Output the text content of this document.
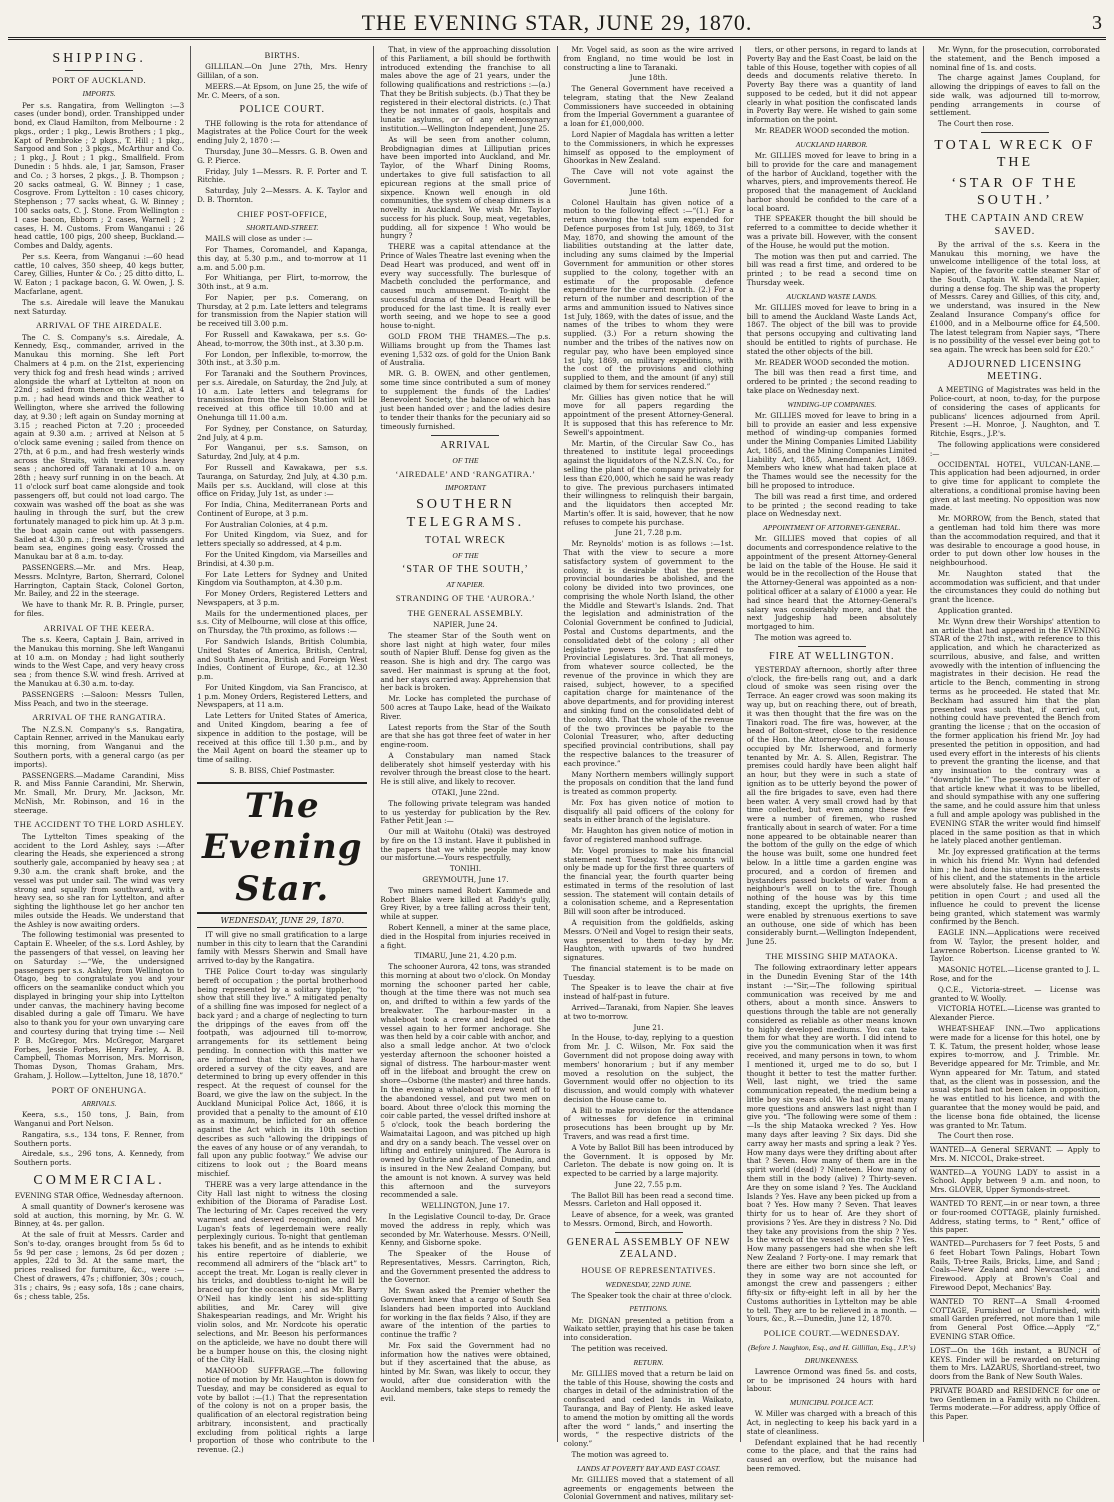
THE EVENING STAR, JUNE 29, 1870.	3
SHIPPING.
PORT OF AUCKLAND.
IMPORTS.

Per s.s. Rangatira, from Wellington :—3 cases (under bond), order. Transhipped under bond, ex Claud Hamilton, from Melbourne : 2 pkgs., order ; 1 pkg., Lewis Brothers ; 1 pkg., Kapt of Pembroke ; 2 pkgs., T. Hill ; 1 pkg., Sargood and Son ; 3 pkgs., McArthur and Co. ; 1 pkg., J. Rout ; 1 pkg., Smallfield. From Dunedin : 5 hhds. ale, 1 jar, Samson, Fraser and Co. ; 3 horses, 2 pkgs., J. B. Thompson ; 20 sacks oatmeal, G. W. Binney ; 1 case, Cosgrove. From Lyttelton : 10 cases chicory, Stephenson ; 77 sacks wheat, G. W. Binney ; 100 sacks oats, C. J. Stone. From Wellington : 1 case bacon, Ebborn ; 2 cases, Warnell ; 2 cases, H. M. Customs. From Wanganui : 26 head cattle, 100 pigs, 200 sheep, Buckland.—Combes and Daldy, agents.

Per s.s. Keera, from Wanganui :—60 head cattle, 10 calves, 350 sheep, 40 kegs butter, Carey, Gillies, Hunter & Co. ; 25 ditto ditto, L. W. Eaton ; 1 package bacon, G. W. Owen, J. S. Macfarlane, agent.

The s.s. Airedale will leave the Manukau next Saturday.

ARRIVAL OF THE AIREDALE.

The C. S. Company's s.s. Airedale, A. Kennedy, Esq., commander, arrived in the Manukau this morning. She left Port Chalmers at 4 p.m. on the 21st, experiencing very thick fog and fresh head winds ; arrived alongside the wharf at Lyttelton at noon on 22nd ; sailed from thence on the 23rd, at 4 p.m. ; had head winds and thick weather to Wellington, where she arrived the following day, at 9.30 ; left again on Sunday morning at 3.15 ; reached Picton at 7.20 ; proceeded again at 9.30 a.m. ; arrived at Nelson at 5 o'clock same evening ; sailed from thence on 27th, at 6 p.m., and had fresh westerly winds across the Straits, with tremendous heavy seas ; anchored off Taranaki at 10 a.m. on 28th ; heavy surf running in on the beach. At 11 o'clock surf boat came alongside and took passengers off, but could not load cargo. The coxwain was washed off the boat as she was hauling in through the surf, but the crew fortunately managed to pick him up. At 3 p.m. the boat again came out with passengers. Sailed at 4.30 p.m. ; fresh westerly winds and beam sea, engines going easy. Crossed the Manukau bar at 8 a.m. to-day.

PASSENGERS.—Mr. and Mrs. Heap, Messrs. McIntyre, Barton, Sherrard, Colonel Harrington, Captain Stack, Colonel Gorton, Mr. Bailey, and 22 in the steerage.

We have to thank Mr. R. B. Pringle, purser, for files.

ARRIVAL OF THE KEERA.

The s.s. Keera, Captain J. Bain, arrived in the Manukau this morning. She left Wanganui at 10 a.m. on Monday ; had light southerly winds to the West Cape, and very heavy cross sea ; from thence S.W. wind fresh. Arrived at the Manukau at 6.30 a.m. to-day.

PASSENGERS :—Saloon: Messrs Tullen, Miss Peach, and two in the steerage.

ARRIVAL OF THE RANGATIRA.

The N.Z.S.N. Company's s.s. Rangatira, Captain Renner, arrived in the Manukau early this morning, from Wanganui and the Southern ports, with a general cargo (as per imports).

PASSENGERS.—Madame Carandini, Miss R. and Miss Fannie Carandini, Mr. Sherwin, Mr. Small, Mr. Drury, Mr. Jackson, Mr. McNish, Mr. Robinson, and 16 in the steerage.

THE ACCIDENT TO THE LORD ASHLEY.

The Lyttelton Times speaking of the accident to the Lord Ashley, says :—After clearing the Heads, she experienced a strong southerly gale, accompanied by heavy sea ; at 9.30 a.m. the crank shaft broke, and the vessel was put under sail. The wind was very strong and squally from southward, with a heavy sea, so she ran for Lyttelton, and after sighting the lighthouse let go her anchor ten miles outside the Heads. We understand that the Ashley is now awaiting orders.

The following testimonial was presented to Captain E. Wheeler, of the s.s. Lord Ashley, by the passengers of that vessel, on leaving her on Saturday :—“We, the undersigned passengers per s.s. Ashley, from Wellington to Otago, beg to congratulate you and your officers on the seamanlike conduct which you displayed in bringing your ship into Lyttelton under canvas, the machinery having become disabled during a gale off Timaru. We have also to thank you for your own unvarying care and courtesy during that trying time :— Neil P. B. McGregor, Mrs. McGregor, Margaret Forbes, Jessie Forbes, Henry Farley, A. B. Campbell, Thomas Morrison, Mrs. Morrison, Thomas Dyson, Thomas Graham, Mrs. Graham, J. Hollow.—Lyttelton, June 18, 1870.”

PORT OF ONEHUNGA.
ARRIVALS.

Keera, s.s., 150 tons, J. Bain, from Wanganui and Port Nelson.

Rangatira, s.s., 134 tons, F. Renner, from Southern ports.

Airedale, s.s., 296 tons, A. Kennedy, from Southern ports.

COMMERCIAL.

EVENING STAR Office, Wednesday afternoon.

A small quantity of Downer's kerosene was sold at auction, this morning, by Mr. G. W. Binney, at 4s. per gallon.

At the sale of fruit at Messrs. Carder and Son's to-day, oranges brought from 5s 6d to 5s 9d per case ; lemons, 2s 6d per dozen ; apples, 22d to 3d. At the same mart, the prices realised for furniture, &c., were :—Chest of drawers, 47s ; chiffonier, 30s ; couch, 31s ; chairs, 9s ; easy sofa, 18s ; cane chairs, 6s ; chess table, 25s.

BIRTHS.

GILLILAN.—On June 27th, Mrs. Henry Gillilan, of a son.

MEERS.—At Epsom, on June 25, the wife of Mr. C. Meers, of a son.

POLICE COURT.

THE following is the rota for attendance of Magistrates at the Police Court for the week ending July 2, 1870 :—

Thursday, June 30—Messrs. G. B. Owen and G. P. Pierce.

Friday, July 1—Messrs. R. F. Porter and T. Ritchie.

Saturday, July 2—Messrs. A. K. Taylor and D. B. Thornton.

CHIEF POST-OFFICE,
SHORTLAND-STREET.

MAILS will close as under :—

For Thames, Coromandel, and Kapanga, this day, at 5.30 p.m., and to-morrow at 11 a.m. and 5.00 p.m.

For Whitianga, per Flirt, to-morrow, the 30th inst., at 9 a.m.

For Napier, per p.s. Comerang, on Thursday, at 2 p.m. Late letters and telegrams for transmission from the Napier station will be received till 3.00 p.m.

For Russell and Kawakawa, per s.s. Go-Ahead, to-morrow, the 30th inst., at 3.30 p.m.

For London, per Inflexible, to-morrow, the 30th inst., at 3.30 p.m.

For Taranaki and the Southern Provinces, per s.s. Airedale, on Saturday, the 2nd July, at 10 a.m. Late letters and telegrams for transmission from the Nelson Station will be received at this office till 10.00 and at Onehunga till 11.00 a.m.

For Sydney, per Constance, on Saturday, 2nd July, at 4 p.m.

For Wanganui, per s.s. Samson, on Saturday, 2nd July, at 4 p.m.

For Russell and Kawakawa, per s.s. Tauranga, on Saturday, 2nd July, at 4.30 p.m. Mails per s.s. Auckland, will close at this office on Friday, July 1st, as under :—

For India, China, Mediterranean Ports and Continent of Europe, at 3 p.m.

For Australian Colonies, at 4 p.m.

For United Kingdom, via Suez, and for letters specially so addressed, at 4 p.m.

For the United Kingdom, via Marseilles and Brindisi, at 4.30 p.m.

For Late Letters for Sydney and United Kingdom via Southampton, at 4.30 p.m.

For Money Orders, Registered Letters and Newspapers, at 3 p.m.

Mails for the undermentioned places, per s.s. City of Melbourne, will close at this office, on Thursday, the 7th proximo, as follows :—

For Sandwich Islands, British Columbia, United States of America, British, Central, and South America, British and Foreign West Indies, Continent of Europe, &c., at 12.30 p.m.

For United Kingdom, via San Francisco, at 1 p.m. Money Orders, Registered Letters, and Newspapers, at 11 a.m.

Late Letters for United States of America, and United Kingdom, bearing a fee of sixpence in addition to the postage, will be received at this office till 1.30 p.m., and by the Mail Agent on board the steamer up to time of sailing.

S. B. BISS, Chief Postmaster.

The Evening Star.
WEDNESDAY, JUNE 29, 1870.

IT will give no small gratification to a large number in this city to learn that the Carandini family with Messrs Sherwin and Small have arrived to-day by the Rangatira.

THE Police Court to-day was singularly bereft of occupation ; the portal brotherhood being represented by a solitary tippler, “to show that still they live.” A mitigated penalty of a shilling fine was imposed for neglect of a back yard ; and a charge of neglecting to turn the drippings of the eaves from off the footpath, was adjourned till to-morrow, arrangements for its settlement being pending. In connection with this matter we are informed that the City Board have ordered a survey of the city eaves, and are determined to bring up every offender in this respect. At the request of counsel for the Board, we give the law on the subject. In the Auckland Municipal Police Act, 1866, it is provided that a penalty to the amount of £10 as a maximum, be inflicted for an offence against the Act which in its 10th section describes as such “allowing the drippings of the eaves of any house or of any verandah, to fall upon any public footway.” We advise our citizens to look out ; the Board means mischief.

THERE was a very large attendance in the City Hall last night to witness the closing exhibition of the Diorama of Paradise Lost. The lecturing of Mr. Capes received the very warmest and deserved recognition, and Mr. Lugan's feats of legerdemain were really perplexingly curious. To-night that gentleman takes his benefit, and as he intends to exhibit his entire repertoire of diablerie, we recommend all admirers of the “black art” to accept the treat. Mr. Logan is really clever in his tricks, and doubtless to-night he will be braced up for the occasion ; and as Mr. Barry O'Neil has kindly lent his side-splitting abilities, and Mr. Carey will give Shakespearian readings, and Mr. Wright his violin solos, and Mr. Nordcote his operatic selections, and Mr. Beeson his performances on the apticleide, we have no doubt there will be a bumper house on this, the closing night of the City Hall.

MANHOOD SUFFRAGE.—The following notice of motion by Mr. Haughton is down for Tuesday, and may be considered as equal to vote by ballot :—(1.) That the representation of the colony is not on a proper basis, the qualification of an electoral registration being arbitrary, inconsistent, and practically excluding from political rights a large proportion of those who contribute to the revenue. (2.)

That, in view of the approaching dissolution of this Parliament, a bill should be forthwith introduced extending the franchise to all males above the age of 21 years, under the following qualifications and restrictions :—(a.) That they be British subjects. (b.) That they be registered in their electoral districts. (c.) That they be not inmates of gaols, hospitals and lunatic asylums, or of any eleemosynary institution.—Wellington Independent, June 25.

As will be seen from another column, Brobdignagian dimes at Lilliputian prices have been imported into Auckland, and Mr. Taylor, of the Wharf Dining Rooms, undertakes to give full satisfaction to all epicurean regions at the small price of sixpence. Known well enough in old communities, the system of cheap dinners is a novelty in Auckland. We wish Mr. Taylor success for his pluck. Soup, meat, vegetables, pudding, all for sixpence ! Who would be hungry ?

THERE was a capital attendance at the Prince of Wales Theatre last evening when the Dead Heart was produced, and went off in every way successfully. The burlesque of Macbeth concluded the performance, and caused much amusement. To-night the successful drama of the Dead Heart will be produced for the last time. It is really ever worth seeing, and we hope to see a good house to-night.

GOLD FROM THE THAMES.—The p.s. Williams brought up from the Thames last evening 1,532 ozs. of gold for the Union Bank of Australia.

MR. G. B. OWEN, and other gentlemen, some time since contributed a sum of money to supplement the funds of the Ladies' Benevolent Society, the balance of which has just been handed over ; and the ladies desire to tender their thanks for the pecuniary aid so timeously furnished.

ARRIVAL
OF THE
‘AIREDALE’ AND ‘RANGATIRA.’
IMPORTANT
SOUTHERN TELEGRAMS.
TOTAL WRECK
OF THE
‘STAR OF THE SOUTH,’
AT NAPIER.
STRANDING OF THE ‘AURORA.’
THE GENERAL ASSEMBLY.

NAPIER, June 24.

The steamer Star of the South went on shore last night at high water, four miles south of Napier Bluff. Dense fog given as the reason. She is high and dry. The cargo was saved. Her mainmast is sprung at the foot, and her stays carried away. Apprehension that her back is broken.

Mr. Locke has completed the purchase of 500 acres at Taupo Lake, head of the Waikato River.

Latest reports from the Star of the South are that she has got three feet of water in her engine-room.

A Constabulary man named Stack deliberately shot himself yesterday with his revolver through the breast close to the heart. He is still alive, and likely to recover.

OTAKI, June 22nd.

The following private telegram was handed to us yesterday for publication by the Rev. Father Petit Jean :—

Our mill at Waitohu (Otaki) was destroyed by fire on the 13 instant. Have it published in the papers that we white people may know our misfortune.—Yours respectfully,

TONIHI.

GREYMOUTH, June 17.

Two miners named Robert Kammede and Robert Blake were killed at Paddy's gully, Grey River, by a tree falling across their tent, while at supper.

Robert Kennell, a miner at the same place, died in the Hospital from injuries received in a fight.

TIMARU, June 21, 4.20 p.m.

The schooner Aurora, 42 tons, was stranded this morning at about two o'clock. On Monday morning the schooner parted her cable, though at the time there was not much sea on, and drifted to within a few yards of the breakwater. The harbour-master in a whaleboat took a crew and ledged out the vessel again to her former anchorage. She was then held by a coir cable with anchor, and also a small ledge anchor. At two o'clock yesterday afternoon the schooner hoisted a signal of distress. The harbour-master went off in the lifeboat and brought the crew on shore—Osborne (the master) and three hands. In the evening a whaleboat crew went off to the abandoned vessel, and put two men on board. About three o'clock this morning the coir cable parted, the vessel drifted inshore at 5 o'clock, took the beach bordering the Waimataitai Lagoon, and was pitched up high and dry on a sandy beach. The vessel over on lifting and entirely uninjured. The Aurora is owned by Guthrie and Asher, of Dunedin, and is insured in the New Zealand Company, but the amount is not known. A survey was held this afternoon and the surveyors recommended a sale.

WELLINGTON, June 17.

In the Legislative Council to-day, Dr. Grace moved the address in reply, which was seconded by Mr. Waterhouse. Messrs. O'Neill, Kenny, and Gisborne spoke.

The Speaker of the House of Representatives, Messrs. Carrington, Rich, and the Government presented the address to the Governor.

Mr. Swan asked the Premier whether the Government knew that a cargo of South Sea Islanders had been imported into Auckland for working in the flax fields ? Also, if they are aware of the intention of the parties to continue the traffic ?

Mr. Fox said the Government had no information how the natives were obtained, but if they ascertained that the abuse, as hinted by Mr. Swan, was likely to occur, they would, after due consideration with the Auckland members, take steps to remedy the evil.

Mr. Vogel said, as soon as the wire arrived from England, no time would be lost in constructing a line to Taranaki.

June 18th.

The General Government have received a telegram, stating that the New Zealand Commissioners have succeeded in obtaining from the Imperial Government a guarantee of a loan for £1,000,000.

Lord Napier of Magdala has written a letter to the Commissioners, in which he expresses himself as opposed to the employment of Ghoorkas in New Zealand.

The Cave will not vote against the Government.

June 16th.

Colonel Haultain has given notice of a motion to the following effect :—“(1.) For a return showing the total sum expended for Defence purposes from 1st July, 1869, to 31st May, 1870, and showing the amount of the liabilities outstanding at the latter date, including any sums claimed by the Imperial Government for ammunition or other stores supplied to the colony, together with an estimate of the proposable defence expenditure for the current month. (2.) For a return of the number and description of the arms and ammunition issued to Natives since 1st July, 1869, with the dates of issue, and the names of the tribes to whom they were supplied. (3.) For a return showing the number and the tribes of the natives now on regular pay, who have been employed since 1st July, 1869, on military expeditions, with the cost of the provisions and clothing supplied to them, and the amount (if any) still claimed by them for services rendered.”

Mr. Gillies has given notice that he will move for all papers regarding the appointment of the present Attorney-General. It is supposed that this has reference to Mr. Sewell's appointment.

Mr. Martin, of the Circular Saw Co., has threatened to institute legal proceedings against the liquidators of the N.Z.S.N. Co., for selling the plant of the company privately for less than £20,000, which he said he was ready to give. The previous purchasers intimated their willingness to relinquish their bargain, and the liquidators then accepted Mr. Martin's offer. It is said, however, that he now refuses to compete his purchase.

June 21, 7.28 p.m.

Mr. Reynolds' motion is as follows :—1st. That with the view to secure a more satisfactory system of government to the colony, it is desirable that the present provincial boundaries be abolished, and the colony be divided into two provinces, one comprising the whole North Island, the other the Middle and Stewart's Islands. 2nd. That the legislation and administration of the Colonial Government be confined to Judicial, Postal and Customs departments, and the consolidated debt of the colony ; all other legislative powers to be transferred to Provincial Legislatures. 3rd. That all moneys, from whatever source collected, be the revenue of the province in which they are raised, subject, however, to a specified capitation charge for maintenance of the above departments, and for providing interest and sinking fund on the consolidated debt of the colony. 4th. That the whole of the revenue of the two provinces be payable to the Colonial Treasurer, who, after deducting specified provincial contributions, shall pay the respective balances to the treasurer of each province.”

Many Northern members willingly support the proposals on condition that the land fund is treated as common property.

Mr. Fox has given notice of motion to disqualify all paid officers of the colony for seats in either branch of the legislature.

Mr. Haughton has given notice of motion in favor of registered manhood suffrage.

Mr. Vogel promises to make his financial statement next Tuesday. The accounts will only be made up for the first three quarters of the financial year, the fourth quarter being estimated in terms of the resolution of last session. The statement will contain details of a colonisation scheme, and a Representation Bill will soon after be introduced.

A requisition from the goldfields, asking Messrs. O'Neil and Vogel to resign their seats, was presented to them to-day by Mr. Haughton, with upwards of two hundred signatures.

The financial statement is to be made on Tuesday.

The Speaker is to leave the chair at five instead of half-past in future.

Arrived—Taranaki, from Napier. She leaves at two to-morrow.

June 21.

In the House, to-day, replying to a question from Mr. J. C. Wilson, Mr. Fox said the Government did not propose doing away with members' honorarium ; but if any member moved a resolution on the subject, the Government would offer no objection to its discussion, and would comply with whatever decision the House came to.

A Bill to make provision for the attendance of witnesses for defence in criminal prosecutions has been brought up by Mr. Travers, and was read a first time.

A Vote by Ballot Bill has been introduced by the Government. It is opposed by Mr. Carleton. The debate is now going on. It is expected to be carried by a large majority.

June 22, 7.55 p.m.

The Ballot Bill has been read a second time. Messrs. Carleton and Hall opposed it.

Leave of absence, for a week, was granted to Messrs. Ormond, Birch, and Howorth.

GENERAL ASSEMBLY OF NEW ZEALAND.
HOUSE OF REPRESENTATIVES.
WEDNESDAY, 22ND JUNE.

The Speaker took the chair at three o'clock.

PETITIONS.

Mr. DIGNAN presented a petition from a Waikato settler, praying that his case be taken into consideration.

The petition was received.

RETURN.

Mr. GILLIES moved that a return be laid on the table of this House, showing the costs and charges in detail of the administration of the confiscated and ceded lands in Waikato, Tauranga, and Bay of Plenty. He asked leave to amend the motion by omitting all the words after the word “ lands,” and inserting the words, “ the respective districts of the colony.”

The motion was agreed to.

LANDS AT POVERTY BAY AND EAST COAST.

Mr. GILLIES moved that a statement of all agreements or engagements between the Colonial Government and natives, military set-

tlers, or other persons, in regard to lands at Poverty Bay and the East Coast, be laid on the table of this House, together with copies of all deeds and documents relative thereto. In Poverty Bay there was a quantity of land supposed to be ceded, but it did not appear clearly in what position the confiscated lands in Poverty Bay were. He wished to gain some information on the point.

Mr. READER WOOD seconded the motion.

AUCKLAND HARBOR.

Mr. GILLIES moved for leave to bring in a bill to provide for the care and management of the harbor of Auckland, together with the wharves, piers, and improvements thereof. He proposed that the management of Auckland harbor should be confided to the care of a local board.

THE SPEAKER thought the bill should be referred to a committee to decide whether it was a private bill. However, with the consent of the House, he would put the motion.

The motion was then put and carried. The bill was read a first time, and ordered to be printed ; to be read a second time on Thursday week.

AUCKLAND WASTE LANDS.

Mr. GILLIES moved for leave to bring in a bill to amend the Auckland Waste Lands Act, 1867. The object of the bill was to provide that persons occupying and cultivating land should be entitled to rights of purchase. He stated the other objects of the bill.

Mr. READER WOOD seconded the motion.

The bill was then read a first time, and ordered to be printed ; the second reading to take place on Wednesday next.

WINDING-UP COMPANIES.

Mr. GILLIES moved for leave to bring in a bill to provide an easier and less expensive method of winding-up companies formed under the Mining Companies Limited Liability Act, 1865, and the Mining Companies Limited Liability Act, 1865, Amendment Act, 1869. Members who knew what had taken place at the Thames would see the necessity for the bill he proposed to introduce.

The bill was read a first time, and ordered to be printed ; the second reading to take place on Wednesday next.

APPOINTMENT OF ATTORNEY-GENERAL.

Mr. GILLIES moved that copies of all documents and correspondence relative to the appointment of the present Attorney-General be laid on the table of the House. He said it would be in the recollection of the House that the Attorney-General was appointed as a non-political officer at a salary of £1000 a year. He had since heard that the Attorney-General's salary was considerably more, and that the next Judgeship had been absolutely mortgaged to him.

The motion was agreed to.

FIRE AT WELLINGTON.

YESTERDAY afternoon, shortly after three o'clock, the fire-bells rang out, and a dark cloud of smoke was seen rising over the Terrace. An eager crowd was soon making its way up, but on reaching there, out of breath, it was then thought that the fire was on the Tinakori road. The fire was, however, at the head of Bolton-street, close to the residence of the Hon. the Attorney-General, in a house occupied by Mr. Isherwood, and formerly tenanted by Mr. A. S. Allen, Registrar. The premises could hardly have been alight half an hour, but they were in such a state of ignition as to be utterly beyond the power of all the fire brigades to save, even had there been water. A very small crowd had by that time collected, but even among these few were a number of firemen, who rushed frantically about in search of water. For a time none appeared to be obtainable nearer than the bottom of the gully on the edge of which the house was built, some one hundred feet below. In a little time a garden engine was procured, and a cordon of firemen and bystanders passed buckets of water from a neighbour's well on to the fire. Though nothing of the house was by this time standing, except the uprights, the firemen were enabled by strenuous exertions to save an outhouse, one side of which has been considerably burnt.—Wellington Independent, June 25.

THE MISSING SHIP MATAOKA.

The following extraordinary letter appears in the Dunedin Evening Star of the 14th instant :—“Sir,—The following spiritual communication was received by me and others, about a month since. Answers to questions through the table are not generally considered as reliable as other means known to highly developed mediums. You can take them for what they are worth. I did intend to give you the communication when it was first received, and many persons in town, to whom I mentioned it, urged me to do so, but I thought it better to test the matter further. Well, last night, we tried the same communication repeated, the medium being a little boy six years old. We had a great many more questions and answers last night than I give you. “The following were some of them :—Is the ship Mataoka wrecked ? Yes. How many days after leaving ? Six days. Did she carry away her masts and spring a leak ? Yes. How many days were they drifting about after that ? Seven. How many of them are in the spirit world (dead) ? Nineteen. How many of them still in the body (alive) ? Thirty-seven. Are they on some island ? Yes. The Auckland Islands ? Yes. Have any been picked up from a boat ? Yes. How many ? Seven. That leaves thirty for us to hear of. Are they short of provisions ? Yes. Are they in distress ? No. Did they take any provisions from the ship ? Yes. Is the wreck of the vessel on the rocks ? Yes. How many passengers had she when she left New Zealand ? Forty-one. I may remark that there are either two born since she left, or they in some way are not accounted for amongst the crew and passengers ; either fifty-six or fifty-eight left in all by her the Customs authorities in Lyttelton may be able to tell. They are to be relieved in a month. —Yours, &c., R.—Dunedin, June 12, 1870.

POLICE COURT.—WEDNESDAY.
(Before J. Naughton, Esq., and H. Gillillan, Esq., J.P.'s)
DRUNKENNESS.

Lawrence Ormond was fined 5s. and costs, or to be imprisoned 24 hours with hard labour.

MUNICIPAL POLICE ACT.

W. Miller was charged with a breach of this Act, in neglecting to keep his back yard in a state of cleanliness.

Defendant explained that he had recently come to the place, and that the rains had caused an overflow, but the nuisance had been removed.

Mr. Wynn, for the prosecution, corroborated the statement, and the Bench imposed a nominal fine of 1s. and costs.

The charge against James Coupland, for allowing the drippings of eaves to fall on the side walk, was adjourned till to-morrow, pending arrangements in course of settlement.

The Court then rose.

TOTAL WRECK OF THE
‘STAR OF THE SOUTH.’
THE CAPTAIN AND CREW SAVED.

By the arrival of the s.s. Keera in the Manukau this morning, we have the unwelcome intelligence of the total loss, at Napier, of the favorite cattle steamer Star of the South, Captain W. Bendall, at Napier, during a dense fog. The ship was the property of Messrs. Carey and Gillies, of this city, and, we understand, was insured in the New Zealand Insurance Company's office for £1000, and in a Melbourne office for £4,500. The latest telegram from Napier says, “There is no possibility of the vessel ever being got to sea again. The wreck has been sold for £20.”

ADJOURNED LICENSING MEETING.

A MEETING of Magistrates was held in the Police-court, at noon, to-day, for the purpose of considering the cases of applicants for publicans' licences adjourned from April. Present :—H. Monroe, J. Naughton, and T. Ritchie, Esqrs., J.P.'s.

The following applications were considered :—

OCCIDENTAL HOTEL, VULCAN-LANE.—This application had been adjourned, in order to give time for applicant to complete the alterations, a conditional promise having been given at last meeting. No opposition was now made.

Mr. MORROW, from the Bench, stated that a gentleman had told him there was more than the accommodation required, and that it was desirable to encourage a good house, in order to put down other low houses in the neighbourhood.

Mr. Naughton stated that the accommodation was sufficient, and that under the circumstances they could do nothing but grant the licence.

Application granted.

Mr. Wynn drew their Worships' attention to an article that had appeared in the EVENING STAR of the 27th inst., with reference to this application, and which he characterized as scurrilous, abusive, and false, and written avowedly with the intention of influencing the magistrates in their decision. He read the article to the Bench, commenting in strong terms as he proceeded. He stated that Mr. Beckham had assured him that the plan presented was such that, if carried out, nothing could have prevented the Bench from granting the license ; that on the occasion of the former application his friend Mr. Joy had presented the petition in opposition, and had used every effort in the interests of his clients to prevent the granting the license, and that any insinuation to the contrary was a “downright lie.” The pseudonymous writer of that article knew what it was to be libelled, and should sympathise with any one suffering the same, and he could assure him that unless a full and ample apology was published in the EVENING STAR the writer would find himself placed in the same position as that in which he lately placed another gentleman.

Mr. Joy expressed gratification at the terms in which his friend Mr. Wynn had defended him ; he had done his utmost in the interests of his client, and the statements in the article were absolutely false. He had presented the petition in open Court ; and used all the influence he could to prevent the license being granted, which statement was warmly confirmed by the Bench.

EAGLE INN.—Applications were received from W. Taylor, the present holder, and Lawrence Robertson. License granted to W. Taylor.

MASONIC HOTEL.—License granted to J. L. Rose, and for the

Q.C.E., Victoria-street. — License was granted to W. Woolly.

VICTORIA HOTEL.—License was granted to Alexander Pierce.

WHEAT-SHEAF INN.—Two applications were made for a license for this hotel, one by T. K. Tatum, the present holder, whose lease expires to-morrow, and J. Trimble. Mr. Beveridge appeared for Mr. Trimble, and Mr. Wynn appeared for Mr. Tatum, and stated that, as the client was in possession, and the usual steps had not been taken in opposition, he was entitled to his licence, and with the guarantee that the money would be paid, and the license bona fide obtained, the license was granted to Mr. Tatum.

The Court then rose.

WANTED—A General SERVANT. — Apply to Mrs. M. NICCOL, Drake-street.
WANTED—A YOUNG LADY to assist in a School. Apply between 9 a.m. and noon, to Mrs. GLOVER, Upper Symonds-street.
WANTED TO RENT,—in or near town, a three or four-roomed COTTAGE, plainly furnished. Address, stating terms, to “ Rent,” office of this paper.
WANTED—Purchasers for 7 feet Posts, 5 and 6 feet Hobart Town Palings, Hobart Town Rails, Ti-tree Rails, Bricks, Lime, and Sand ; Coals—New Zealand and Newcastle ; and Firewood. Apply at Brown's Coal and Firewood Depot, Mechanics' Bay.
WANTED TO RENT—A Small 4-roomed COTTAGE, Furnished or Unfurnished, with small Garden preferred, not more than 1 mile from General Post Office.—Apply “Z,” EVENING STAR Office.
LOST—On the 16th instant, a BUNCH of KEYS. Finder will be rewarded on returning them to Mrs. LAZARUS, Shortland-street, two doors from the Bank of New South Wales.
PRIVATE BOARD and RESIDENCE for one or two Gentlemen in a Family with no Children. Terms moderate.—For address, apply Office of this Paper.
